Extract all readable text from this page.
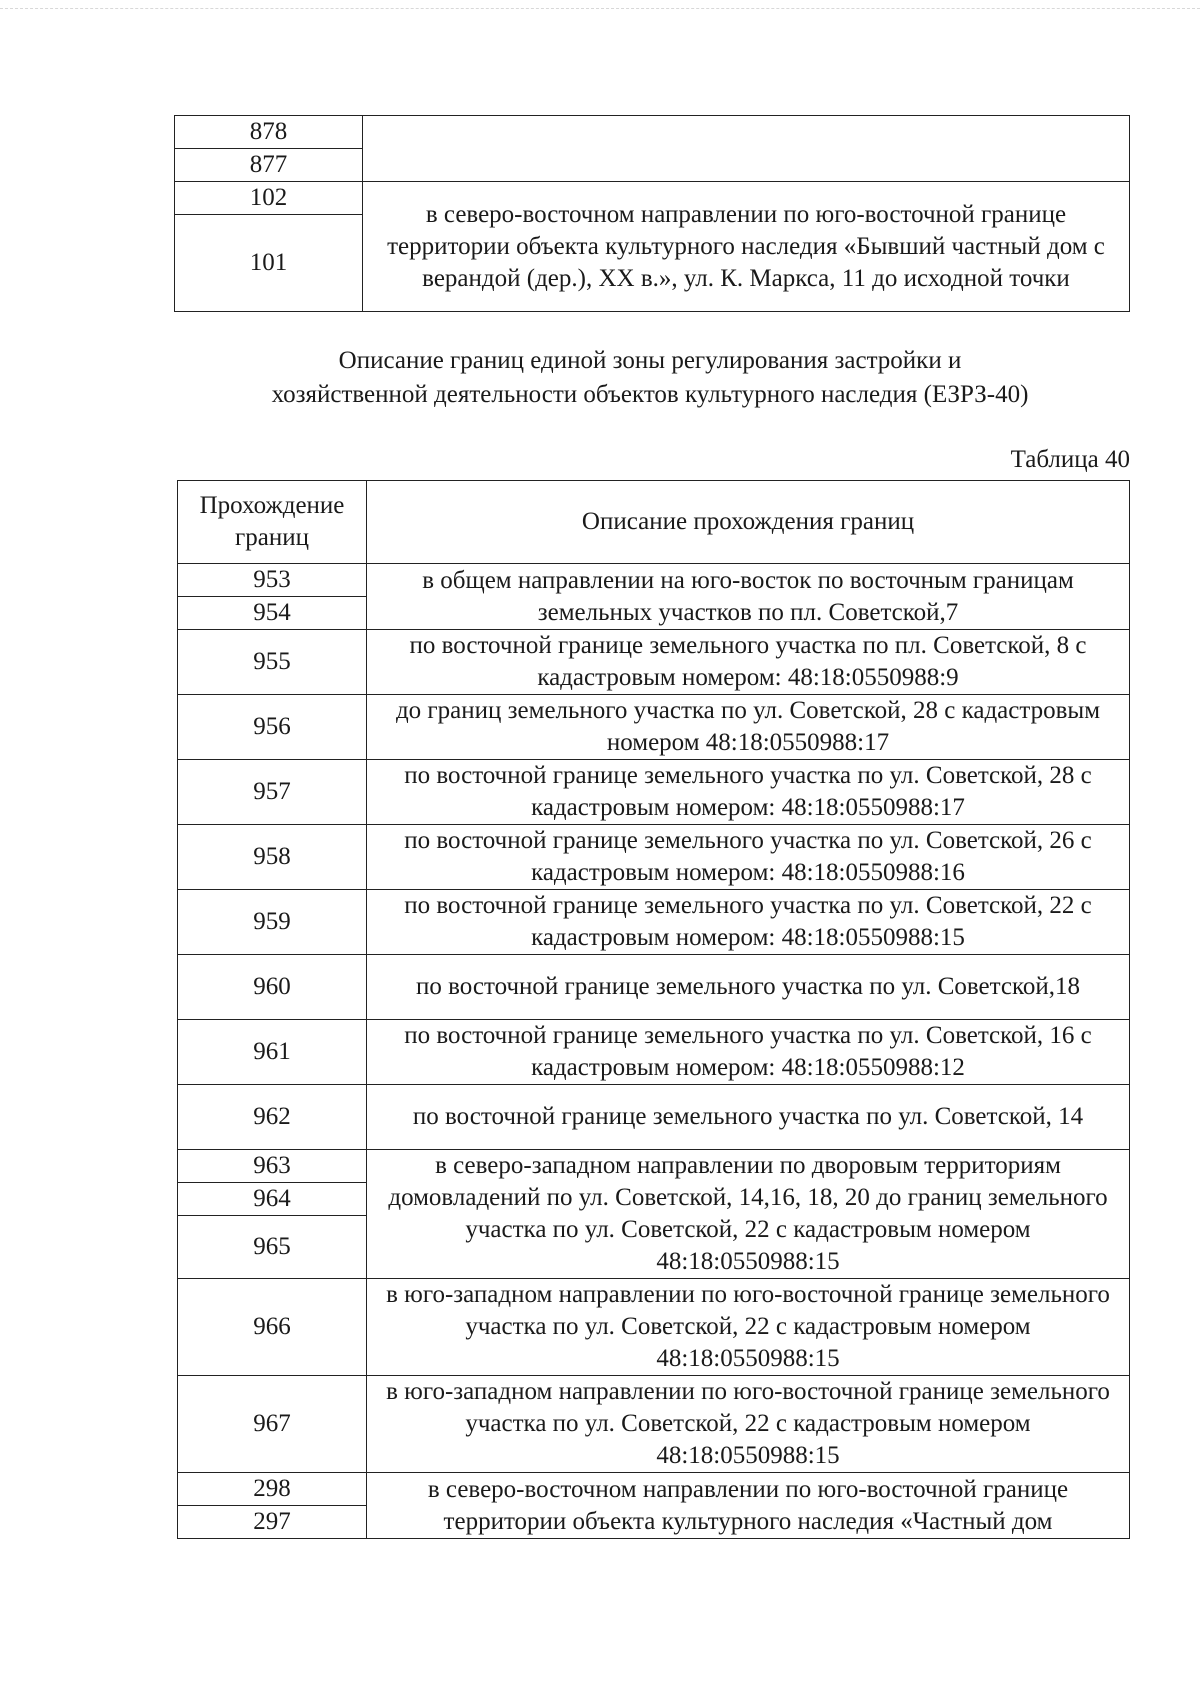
878	
877	
102	в северо-восточном направлении по юго-восточной границе территории объекта культурного наследия «Бывший частный дом с верандой (дер.), XX в.», ул. К. Маркса, 11 до исходной точки
101	
Описание границ единой зоны регулирования застройки и
хозяйственной деятельности объектов культурного наследия (ЕЗРЗ-40)
Таблица 40
Прохождение границ	Описание прохождения границ
953	в общем направлении на юго-восток по восточным границам земельных участков по пл. Советской,7
954	
955	по восточной границе земельного участка по пл. Советской, 8 с кадастровым номером: 48:18:0550988:9
956	до границ земельного участка по ул. Советской, 28 с кадастровым номером 48:18:0550988:17
957	по восточной границе земельного участка по ул. Советской, 28 с кадастровым номером: 48:18:0550988:17
958	по восточной границе земельного участка по ул. Советской, 26 с кадастровым номером: 48:18:0550988:16
959	по восточной границе земельного участка по ул. Советской, 22 с кадастровым номером: 48:18:0550988:15
960	по восточной границе земельного участка по ул. Советской,18
961	по восточной границе земельного участка по ул. Советской, 16 с кадастровым номером: 48:18:0550988:12
962	по восточной границе земельного участка по ул. Советской, 14
963	в северо-западном направлении по дворовым территориям домовладений по ул. Советской, 14,16, 18, 20 до границ земельного участка по ул. Советской, 22 с кадастровым номером 48:18:0550988:15
964	
965	
966	в юго-западном направлении по юго-восточной границе земельного участка по ул. Советской, 22 с кадастровым номером 48:18:0550988:15
967	в юго-западном направлении по юго-восточной границе земельного участка по ул. Советской, 22 с кадастровым номером 48:18:0550988:15
298	в северо-восточном направлении по юго-восточной границе территории объекта культурного наследия «Частный дом
297	
